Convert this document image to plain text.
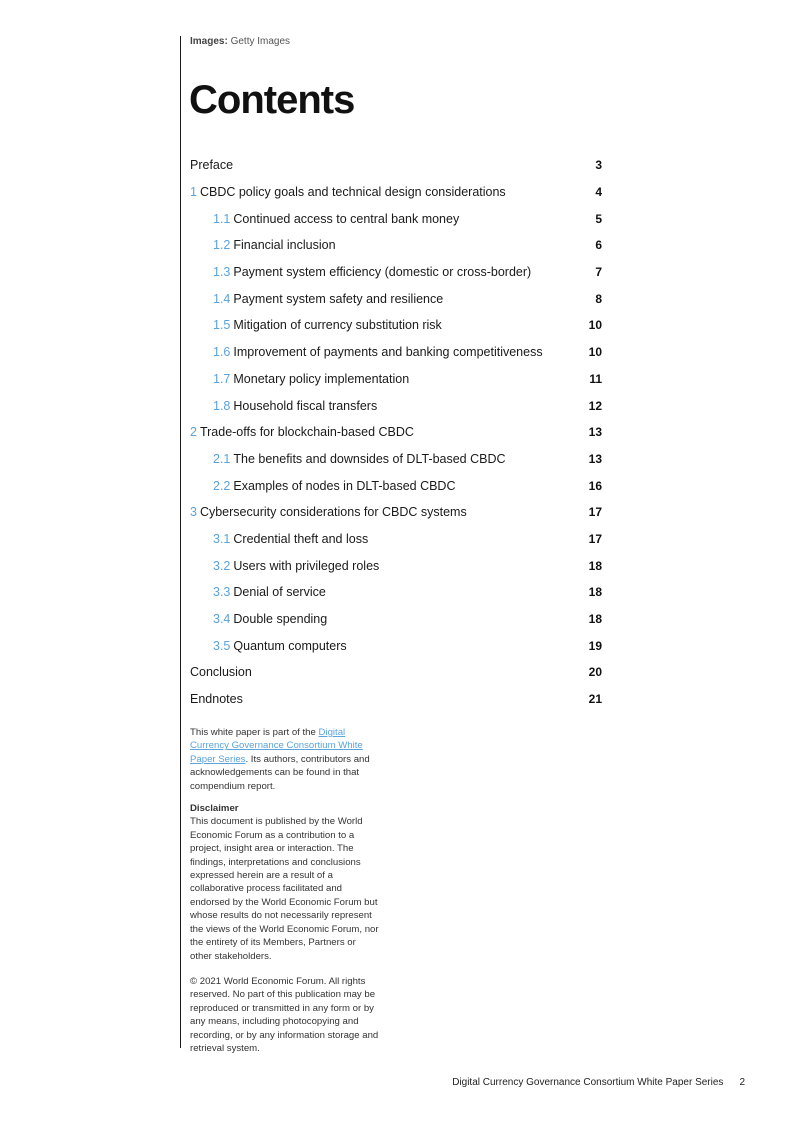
Images: Getty Images
Contents
Preface	3
1 CBDC policy goals and technical design considerations	4
1.1 Continued access to central bank money	5
1.2 Financial inclusion	6
1.3 Payment system efficiency (domestic or cross-border)	7
1.4 Payment system safety and resilience	8
1.5 Mitigation of currency substitution risk	10
1.6 Improvement of payments and banking competitiveness	10
1.7 Monetary policy implementation	11
1.8 Household fiscal transfers	12
2 Trade-offs for blockchain-based CBDC	13
2.1 The benefits and downsides of DLT-based CBDC	13
2.2 Examples of nodes in DLT-based CBDC	16
3 Cybersecurity considerations for CBDC systems	17
3.1 Credential theft and loss	17
3.2 Users with privileged roles	18
3.3 Denial of service	18
3.4 Double spending	18
3.5 Quantum computers	19
Conclusion	20
Endnotes	21

This white paper is part of the Digital Currency Governance Consortium White Paper Series. Its authors, contributors and acknowledgements can be found in that compendium report.

Disclaimer

This document is published by the World Economic Forum as a contribution to a project, insight area or interaction. The findings, interpretations and conclusions expressed herein are a result of a collaborative process facilitated and endorsed by the World Economic Forum but whose results do not necessarily represent the views of the World Economic Forum, nor the entirety of its Members, Partners or other stakeholders.

© 2021 World Economic Forum. All rights reserved. No part of this publication may be reproduced or transmitted in any form or by any means, including photocopying and recording, or by any information storage and retrieval system.

Digital Currency Governance Consortium White Paper Series 2
